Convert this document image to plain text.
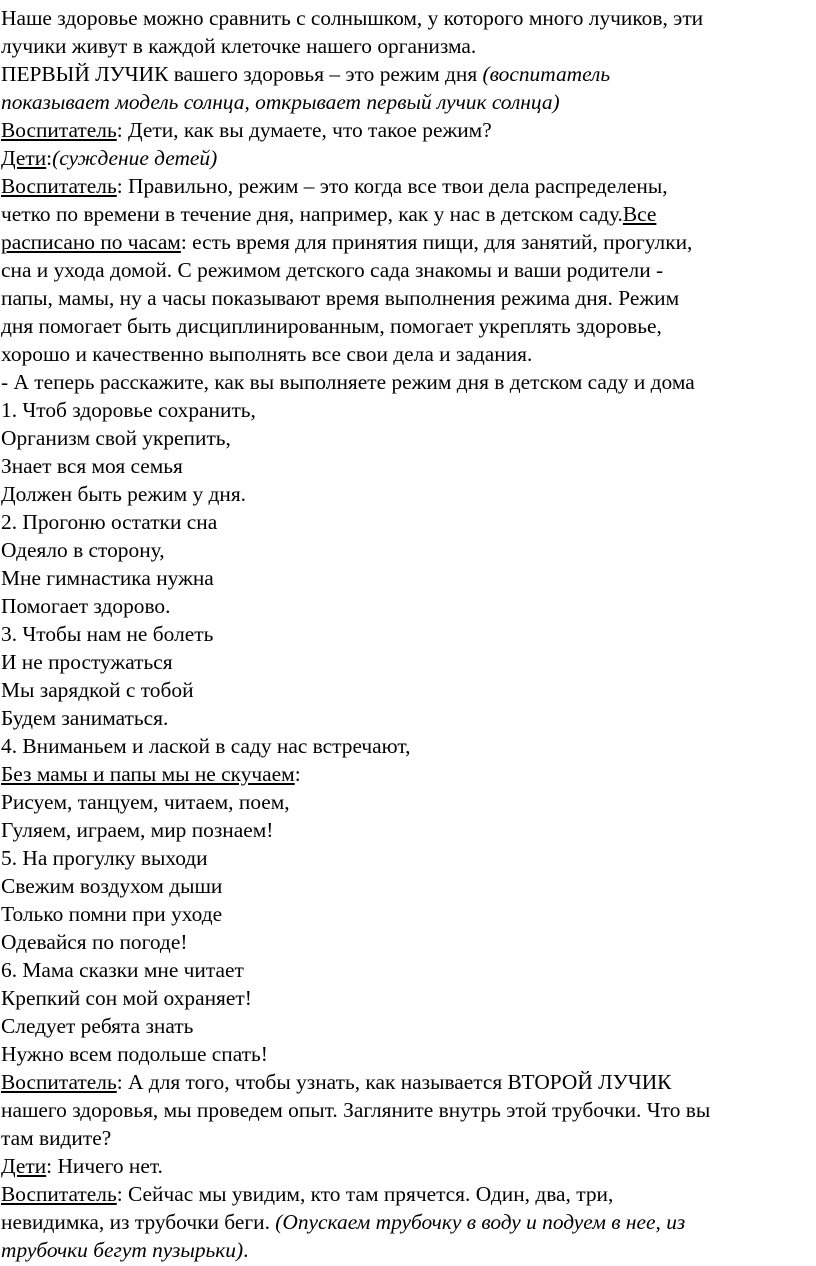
Наше здоровье можно сравнить с солнышком, у которого много лучиков, эти
лучики живут в каждой клеточке нашего организма.
ПЕРВЫЙ ЛУЧИК вашего здоровья – это режим дня (воспитатель
показывает модель солнца, открывает первый лучик солнца)
Воспитатель: Дети, как вы думаете, что такое режим?
Дети:(суждение детей)
Воспитатель: Правильно, режим – это когда все твои дела распределены,
четко по времени в течение дня, например, как у нас в детском саду.Все
расписано по часам: есть время для принятия пищи, для занятий, прогулки,
сна и ухода домой. С режимом детского сада знакомы и ваши родители -
папы, мамы, ну а часы показывают время выполнения режима дня. Режим
дня помогает быть дисциплинированным, помогает укреплять здоровье,
хорошо и качественно выполнять все свои дела и задания.
- А теперь расскажите, как вы выполняете режим дня в детском саду и дома
1. Чтоб здоровье сохранить,
Организм свой укрепить,
Знает вся моя семья
Должен быть режим у дня.
2. Прогоню остатки сна
Одеяло в сторону,
Мне гимнастика нужна
Помогает здорово.
3. Чтобы нам не болеть
И не простужаться
Мы зарядкой с тобой
Будем заниматься.
4. Вниманьем и лаской в саду нас встречают,
Без мамы и папы мы не скучаем:
Рисуем, танцуем, читаем, поем,
Гуляем, играем, мир познаем!
5. На прогулку выходи
Свежим воздухом дыши
Только помни при уходе
Одевайся по погоде!
6. Мама сказки мне читает
Крепкий сон мой охраняет!
Следует ребята знать
Нужно всем подольше спать!
Воспитатель: А для того, чтобы узнать, как называется ВТОРОЙ ЛУЧИК
нашего здоровья, мы проведем опыт. Загляните внутрь этой трубочки. Что вы
там видите?
Дети: Ничего нет.
Воспитатель: Сейчас мы увидим, кто там прячется. Один, два, три,
невидимка, из трубочки беги. (Опускаем трубочку в воду и подуем в нее, из
трубочки бегут пузырьки).
